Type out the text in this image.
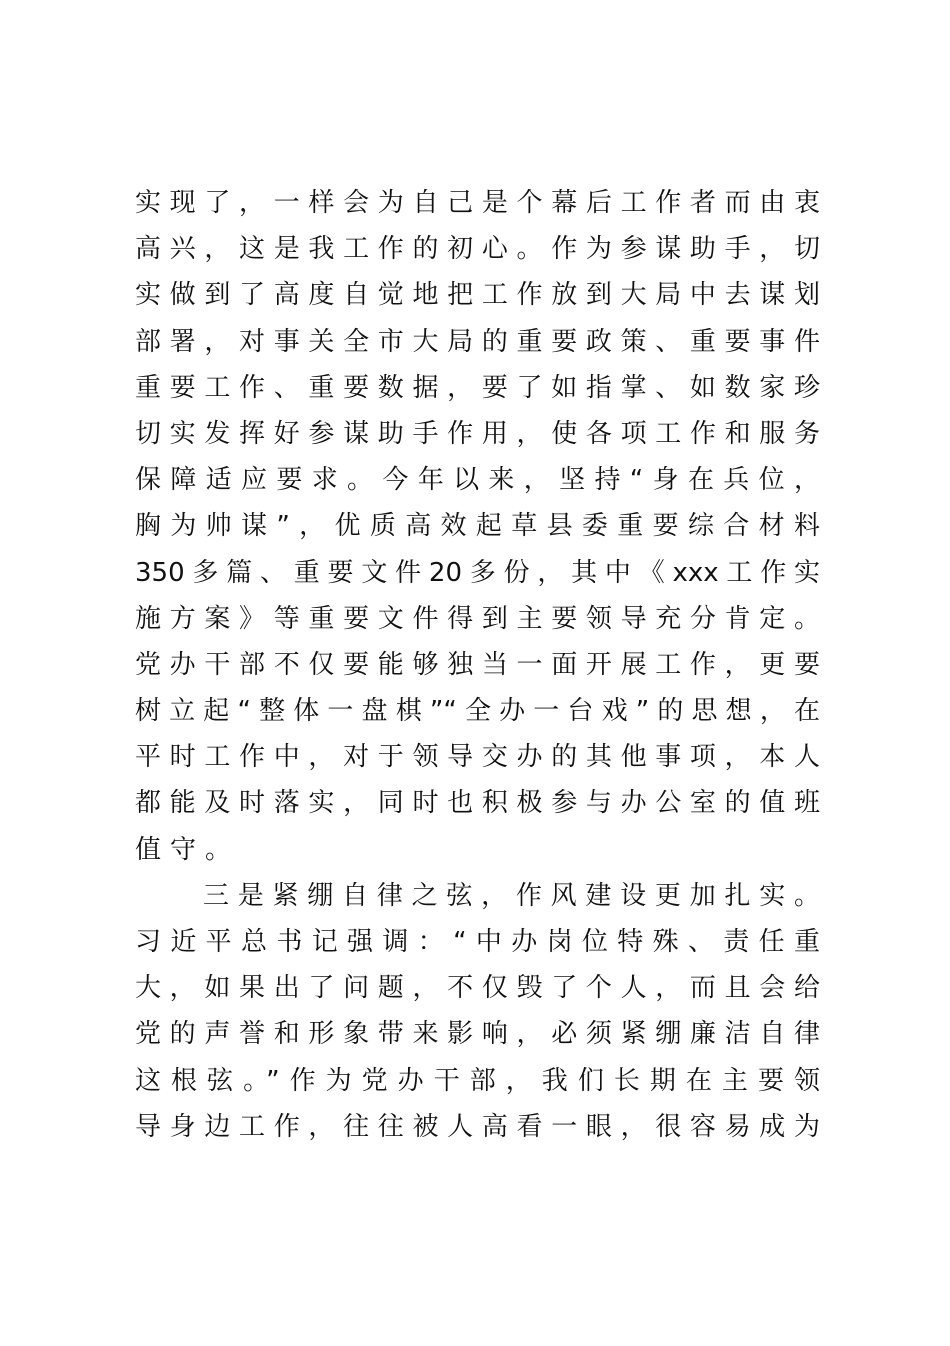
实现了，一样会为自己是个幕后工作者而由衷
高兴，这是我工作的初心。作为参谋助手，切
实做到了高度自觉地把工作放到大局中去谋划
部署，对事关全市大局的重要政策、重要事件
重要工作、重要数据，要了如指掌、如数家珍
切实发挥好参谋助手作用，使各项工作和服务
保障适应要求。今年以来，坚持“身在兵位，
胸为帅谋”，优质高效起草县委重要综合材料
350多篇、重要文件20多份，其中《xxx工作实
施方案》等重要文件得到主要领导充分肯定。
党办干部不仅要能够独当一面开展工作，更要
树立起“整体一盘棋”“全办一台戏”的思想，在
平时工作中，对于领导交办的其他事项，本人
都能及时落实，同时也积极参与办公室的值班
值守。
三是紧绷自律之弦，作风建设更加扎实。
习近平总书记强调：“中办岗位特殊、责任重
大，如果出了问题，不仅毁了个人，而且会给
党的声誉和形象带来影响，必须紧绷廉洁自律
这根弦。”作为党办干部，我们长期在主要领
导身边工作，往往被人高看一眼，很容易成为
